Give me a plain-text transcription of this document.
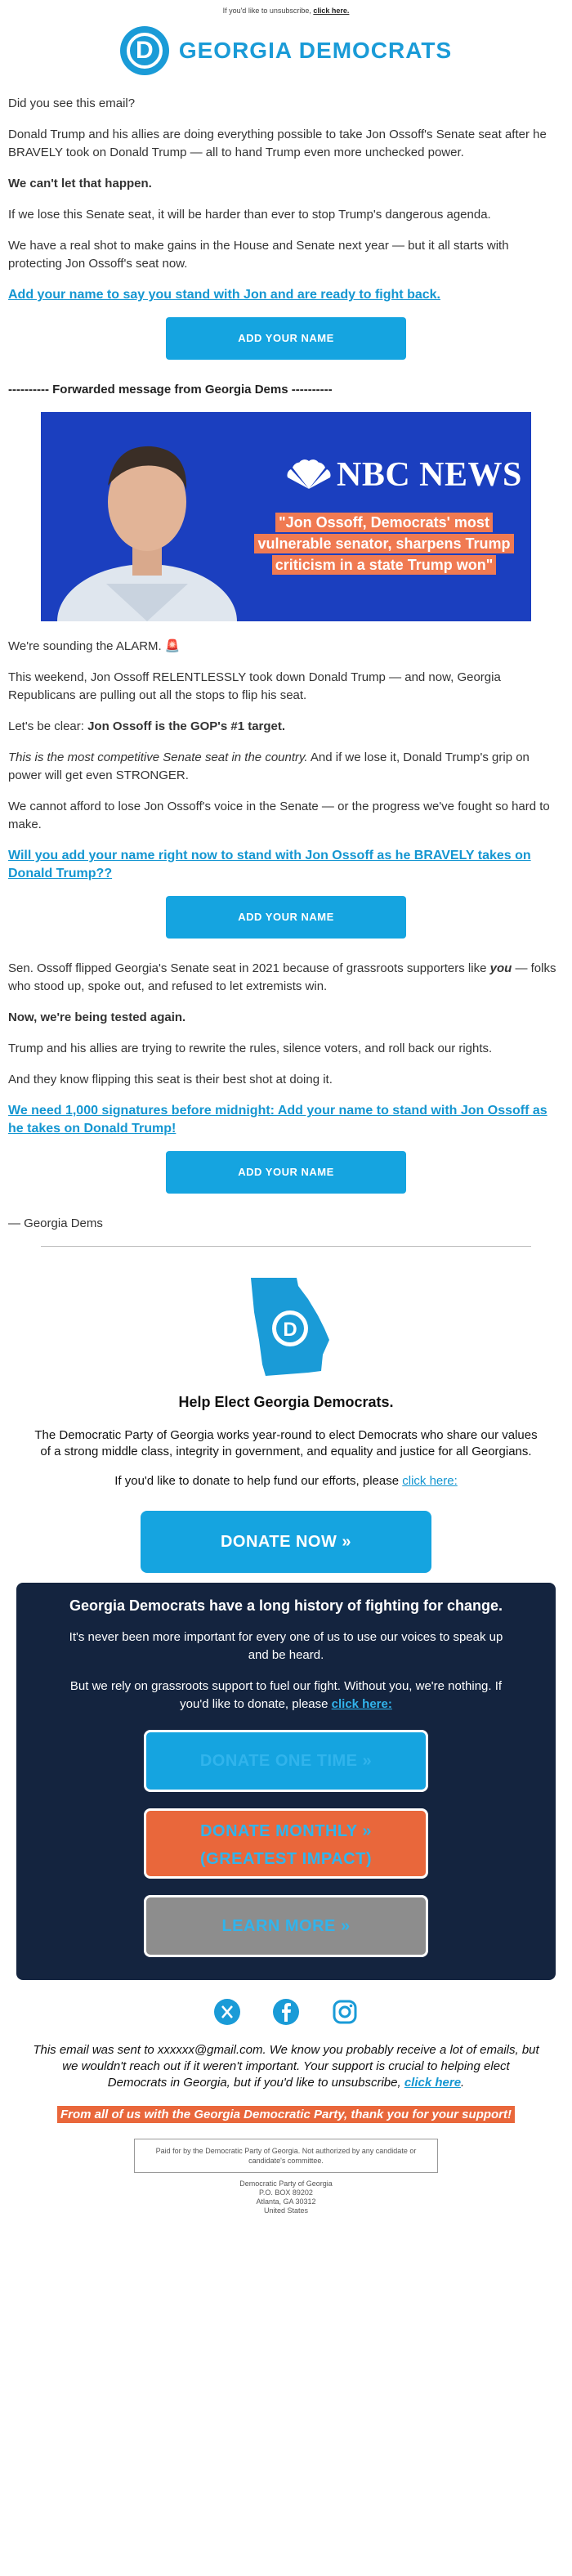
If you'd like to unsubscribe, click here.
D	GEORGIA DEMOCRATS

Did you see this email?

Donald Trump and his allies are doing everything possible to take Jon Ossoff's Senate seat after he BRAVELY took on Donald Trump — all to hand Trump even more unchecked power.

We can't let that happen.

If we lose this Senate seat, it will be harder than ever to stop Trump's dangerous agenda.

We have a real shot to make gains in the House and Senate next year — but it all starts with protecting Jon Ossoff's seat now.

Add your name to say you stand with Jon and are ready to fight back.

ADD YOUR NAME

---------- Forwarded message from Georgia Dems ----------

NBC NEWS
"Jon Ossoff, Democrats' most vulnerable senator, sharpens Trump criticism in a state Trump won"

We're sounding the ALARM. 🚨

This weekend, Jon Ossoff RELENTLESSLY took down Donald Trump — and now, Georgia Republicans are pulling out all the stops to flip his seat.

Let's be clear: Jon Ossoff is the GOP's #1 target.

This is the most competitive Senate seat in the country. And if we lose it, Donald Trump's grip on power will get even STRONGER.

We cannot afford to lose Jon Ossoff's voice in the Senate — or the progress we've fought so hard to make.

Will you add your name right now to stand with Jon Ossoff as he BRAVELY takes on Donald Trump??

ADD YOUR NAME

Sen. Ossoff flipped Georgia's Senate seat in 2021 because of grassroots supporters like you — folks who stood up, spoke out, and refused to let extremists win.

Now, we're being tested again.

Trump and his allies are trying to rewrite the rules, silence voters, and roll back our rights.

And they know flipping this seat is their best shot at doing it.

We need 1,000 signatures before midnight: Add your name to stand with Jon Ossoff as he takes on Donald Trump!

ADD YOUR NAME

— Georgia Dems

D
Help Elect Georgia Democrats.

The Democratic Party of Georgia works year-round to elect Democrats who share our values of a strong middle class, integrity in government, and equality and justice for all Georgians.

If you'd like to donate to help fund our efforts, please click here:

DONATE NOW »
Georgia Democrats have a long history of fighting for change.

It's never been more important for every one of us to use our voices to speak up and be heard.

But we rely on grassroots support to fuel our fight. Without you, we're nothing. If you'd like to donate, please click here:

DONATE ONE TIME »
DONATE MONTHLY »
(GREATEST IMPACT)
LEARN MORE »

This email was sent to xxxxxx@gmail.com. We know you probably receive a lot of emails, but we wouldn't reach out if it weren't important. Your support is crucial to helping elect Democrats in Georgia, but if you'd like to unsubscribe, click here.

From all of us with the Georgia Democratic Party, thank you for your support!
Paid for by the Democratic Party of Georgia. Not authorized by any candidate or candidate's committee.
Democratic Party of Georgia
P.O. BOX 89202
Atlanta, GA 30312
United States
